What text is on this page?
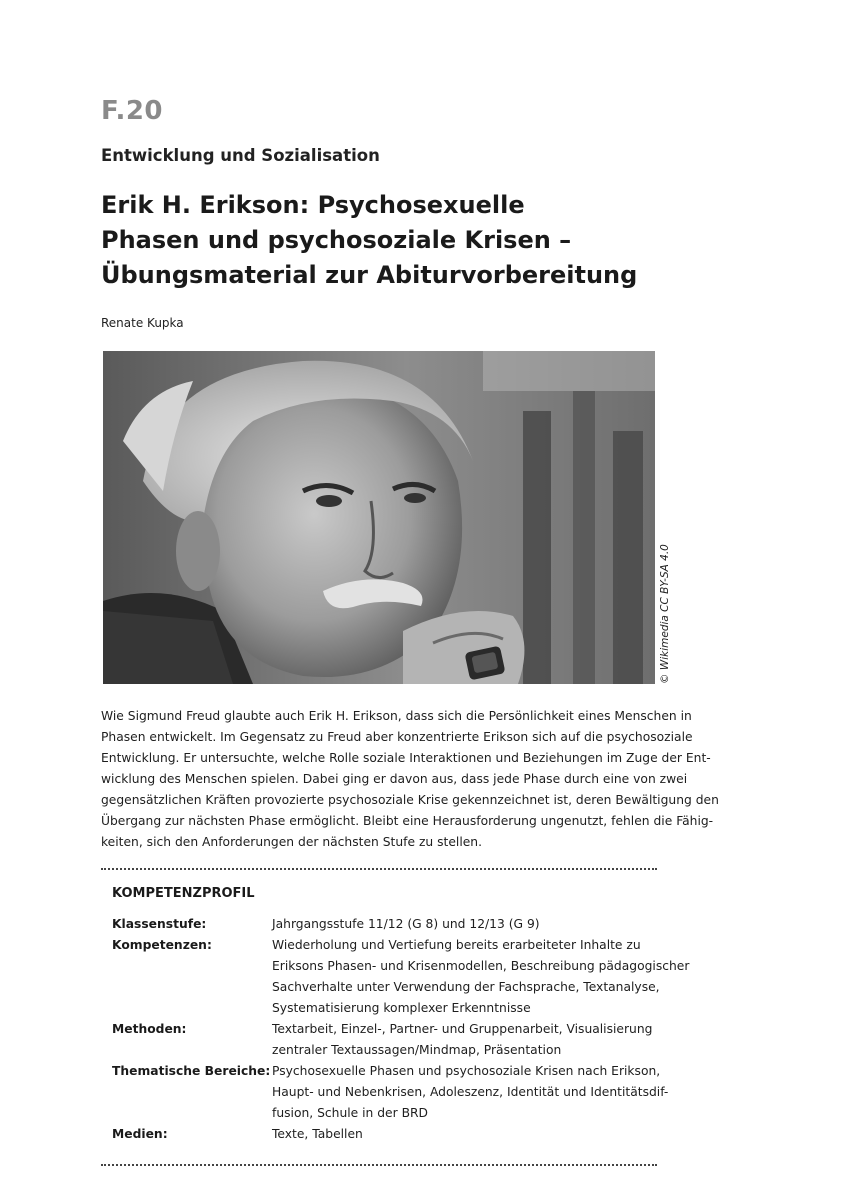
F.20
Entwicklung und Sozialisation
Erik H. Erikson: Psychosexuelle
Phasen und psychosoziale Krisen –
Übungsmaterial zur Abiturvorbereitung
Renate Kupka
© Wikimedia CC BY-SA 4.0

Wie Sigmund Freud glaubte auch Erik H. Erikson, dass sich die Persönlichkeit eines Menschen in
Phasen entwickelt. Im Gegensatz zu Freud aber konzentrierte Erikson sich auf die psychosoziale
Entwicklung. Er untersuchte, welche Rolle soziale Interaktionen und Beziehungen im Zuge der Ent-
wicklung des Menschen spielen. Dabei ging er davon aus, dass jede Phase durch eine von zwei
gegensätzlichen Kräften provozierte psychosoziale Krise gekennzeichnet ist, deren Bewältigung den
Übergang zur nächsten Phase ermöglicht. Bleibt eine Herausforderung ungenutzt, fehlen die Fähig-
keiten, sich den Anforderungen der nächsten Stufe zu stellen.

KOMPETENZPROFIL
Klassenstufe:	Jahrgangsstufe 11/12 (G 8) und 12/13 (G 9)
Kompetenzen:	Wiederholung und Vertiefung bereits erarbeiteter Inhalte zu
Eriksons Phasen- und Krisenmodellen, Beschreibung pädagogischer
Sachverhalte unter Verwendung der Fachsprache, Textanalyse,
Systematisierung komplexer Erkenntnisse
Methoden:	Textarbeit, Einzel-, Partner- und Gruppenarbeit, Visualisierung
zentraler Textaussagen/Mindmap, Präsentation
Thematische Bereiche: Psychosexuelle Phasen und psychosoziale Krisen nach Erikson,
Haupt- und Nebenkrisen, Adoleszenz, Identität und Identitätsdif-
fusion, Schule in der BRD
Medien:	Texte, Tabellen
